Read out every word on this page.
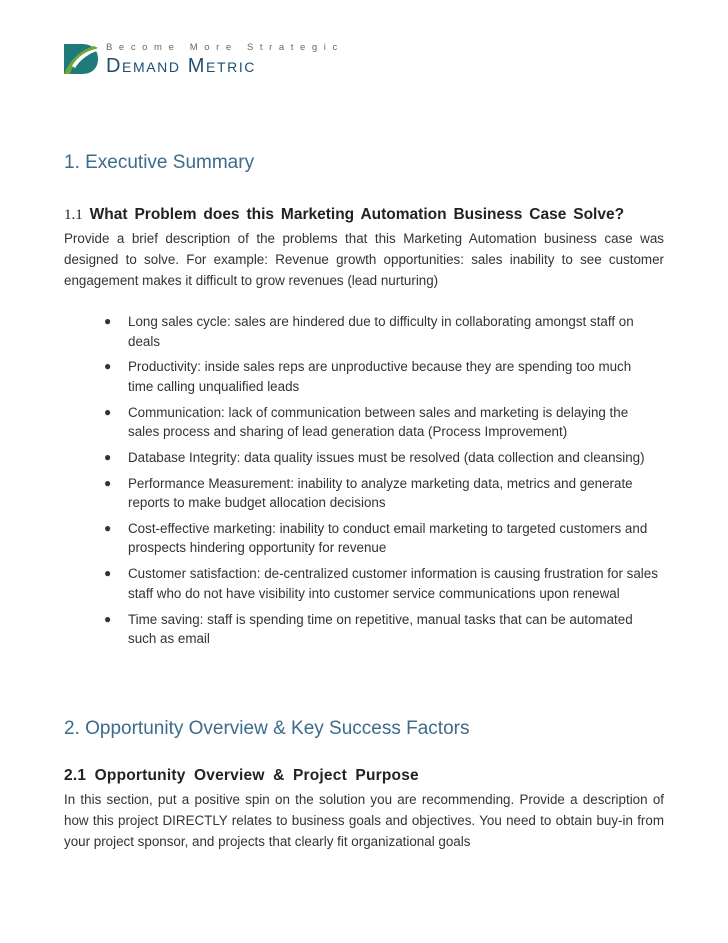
Become More Strategic
Demand Metric
1. Executive Summary
1.1 What Problem does this Marketing Automation Business Case Solve?
Provide a brief description of the problems that this Marketing Automation business case was designed to solve. For example: Revenue growth opportunities: sales inability to see customer engagement makes it difficult to grow revenues (lead nurturing)
● Long sales cycle: sales are hindered due to difficulty in collaborating amongst staff on deals
● Productivity: inside sales reps are unproductive because they are spending too much time calling unqualified leads
● Communication: lack of communication between sales and marketing is delaying the sales process and sharing of lead generation data (Process Improvement)
● Database Integrity: data quality issues must be resolved (data collection and cleansing)
● Performance Measurement: inability to analyze marketing data, metrics and generate reports to make budget allocation decisions
● Cost-effective marketing: inability to conduct email marketing to targeted customers and prospects hindering opportunity for revenue
● Customer satisfaction: de-centralized customer information is causing frustration for sales staff who do not have visibility into customer service communications upon renewal
● Time saving: staff is spending time on repetitive, manual tasks that can be automated such as email
2. Opportunity Overview & Key Success Factors
2.1 Opportunity Overview & Project Purpose
In this section, put a positive spin on the solution you are recommending. Provide a description of how this project DIRECTLY relates to business goals and objectives. You need to obtain buy-in from your project sponsor, and projects that clearly fit organizational goals
